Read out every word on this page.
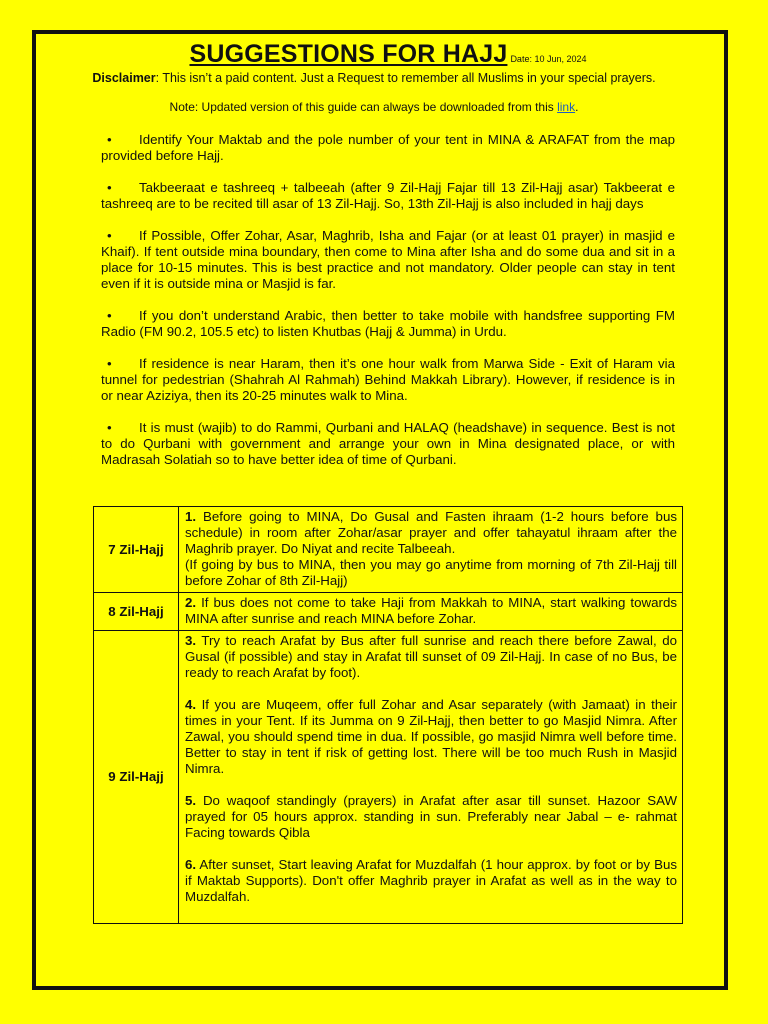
SUGGESTIONS FOR HAJJ Date: 10 Jun, 2024
Disclaimer: This isn’t a paid content. Just a Request to remember all Muslims in your special prayers.
Note: Updated version of this guide can always be downloaded from this link.
• Identify Your Maktab and the pole number of your tent in MINA & ARAFAT from the map provided before Hajj.
• Takbeeraat e tashreeq + talbeeah (after 9 Zil-Hajj Fajar till 13 Zil-Hajj asar) Takbeerat e tashreeq are to be recited till asar of 13 Zil-Hajj. So, 13th Zil-Hajj is also included in hajj days
• If Possible, Offer Zohar, Asar, Maghrib, Isha and Fajar (or at least 01 prayer) in masjid e Khaif). If tent outside mina boundary, then come to Mina after Isha and do some dua and sit in a place for 10-15 minutes. This is best practice and not mandatory. Older people can stay in tent even if it is outside mina or Masjid is far.
• If you don’t understand Arabic, then better to take mobile with handsfree supporting FM Radio (FM 90.2, 105.5 etc) to listen Khutbas (Hajj & Jumma) in Urdu.
• If residence is near Haram, then it’s one hour walk from Marwa Side - Exit of Haram via tunnel for pedestrian (Shahrah Al Rahmah) Behind Makkah Library). However, if residence is in or near Aziziya, then its 20-25 minutes walk to Mina.
• It is must (wajib) to do Rammi, Qurbani and HALAQ (headshave) in sequence. Best is not to do Qurbani with government and arrange your own in Mina designated place, or with Madrasah Solatiah so to have better idea of time of Qurbani.
7 Zil-Hajj	1. Before going to MINA, Do Gusal and Fasten ihraam (1-2 hours before bus schedule) in room after Zohar/asar prayer and offer tahayatul ihraam after the Maghrib prayer. Do Niyat and recite Talbeeah.
(If going by bus to MINA, then you may go anytime from morning of 7th Zil-Hajj till before Zohar of 8th Zil-Hajj)

8 Zil-Hajj	2. If bus does not come to take Haji from Makkah to MINA, start walking towards MINA after sunrise and reach MINA before Zohar.

9 Zil-Hajj	3. Try to reach Arafat by Bus after full sunrise and reach there before Zawal, do Gusal (if possible) and stay in Arafat till sunset of 09 Zil-Hajj. In case of no Bus, be ready to reach Arafat by foot).

4. If you are Muqeem, offer full Zohar and Asar separately (with Jamaat) in their times in your Tent. If its Jumma on 9 Zil-Hajj, then better to go Masjid Nimra. After Zawal, you should spend time in dua. If possible, go masjid Nimra well before time. Better to stay in tent if risk of getting lost. There will be too much Rush in Masjid Nimra.

5. Do waqoof standingly (prayers) in Arafat after asar till sunset. Hazoor SAW prayed for 05 hours approx. standing in sun. Preferably near Jabal – e- rahmat Facing towards Qibla

6. After sunset, Start leaving Arafat for Muzdalfah (1 hour approx. by foot or by Bus if Maktab Supports). Don't offer Maghrib prayer in Arafat as well as in the way to Muzdalfah.
